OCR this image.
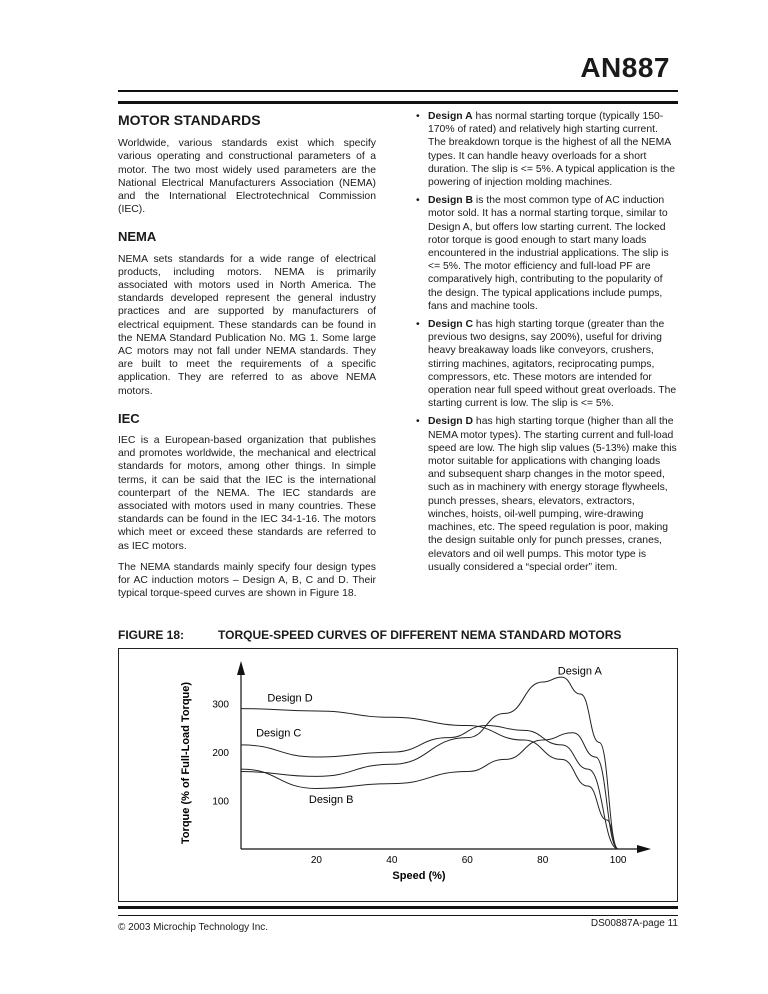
AN887
MOTOR STANDARDS

Worldwide, various standards exist which specify various operating and constructional parameters of a motor. The two most widely used parameters are the National Electrical Manufacturers Association (NEMA) and the International Electrotechnical Commission (IEC).

NEMA

NEMA sets standards for a wide range of electrical products, including motors. NEMA is primarily associated with motors used in North America. The standards developed represent the general industry practices and are supported by manufacturers of electrical equipment. These standards can be found in the NEMA Standard Publication No. MG 1. Some large AC motors may not fall under NEMA standards. They are built to meet the requirements of a specific application. They are referred to as above NEMA motors.

IEC

IEC is a European-based organization that publishes and promotes worldwide, the mechanical and electrical standards for motors, among other things. In simple terms, it can be said that the IEC is the international counterpart of the NEMA. The IEC standards are associated with motors used in many countries. These standards can be found in the IEC 34-1-16. The motors which meet or exceed these standards are referred to as IEC motors.

The NEMA standards mainly specify four design types for AC induction motors – Design A, B, C and D. Their typical torque-speed curves are shown in Figure 18.

• Design A has normal starting torque (typically 150-170% of rated) and relatively high starting current. The breakdown torque is the highest of all the NEMA types. It can handle heavy overloads for a short duration. The slip is <= 5%. A typical application is the powering of injection molding machines.
• Design B is the most common type of AC induction motor sold. It has a normal starting torque, similar to Design A, but offers low starting current. The locked rotor torque is good enough to start many loads encountered in the industrial applications. The slip is <= 5%. The motor efficiency and full-load PF are comparatively high, contributing to the popularity of the design. The typical applications include pumps, fans and machine tools.
• Design C has high starting torque (greater than the previous two designs, say 200%), useful for driving heavy breakaway loads like conveyors, crushers, stirring machines, agitators, reciprocating pumps, compressors, etc. These motors are intended for operation near full speed without great overloads. The starting current is low. The slip is <= 5%.
• Design D has high starting torque (higher than all the NEMA motor types). The starting current and full-load speed are low. The high slip values (5-13%) make this motor suitable for applications with changing loads and subsequent sharp changes in the motor speed, such as in machinery with energy storage flywheels, punch presses, shears, elevators, extractors, winches, hoists, oil-well pumping, wire-drawing machines, etc. The speed regulation is poor, making the design suitable only for punch presses, cranes, elevators and oil well pumps. This motor type is usually considered a “special order” item.
FIGURE 18:	TORQUE-SPEED CURVES OF DIFFERENT NEMA STANDARD MOTORS
20	40	60	80	100
100
200
300
Speed (%)
Torque (% of Full-Load Torque)
Design A
Design B
Design C
Design D
© 2003 Microchip Technology Inc.	DS00887A-page 11
